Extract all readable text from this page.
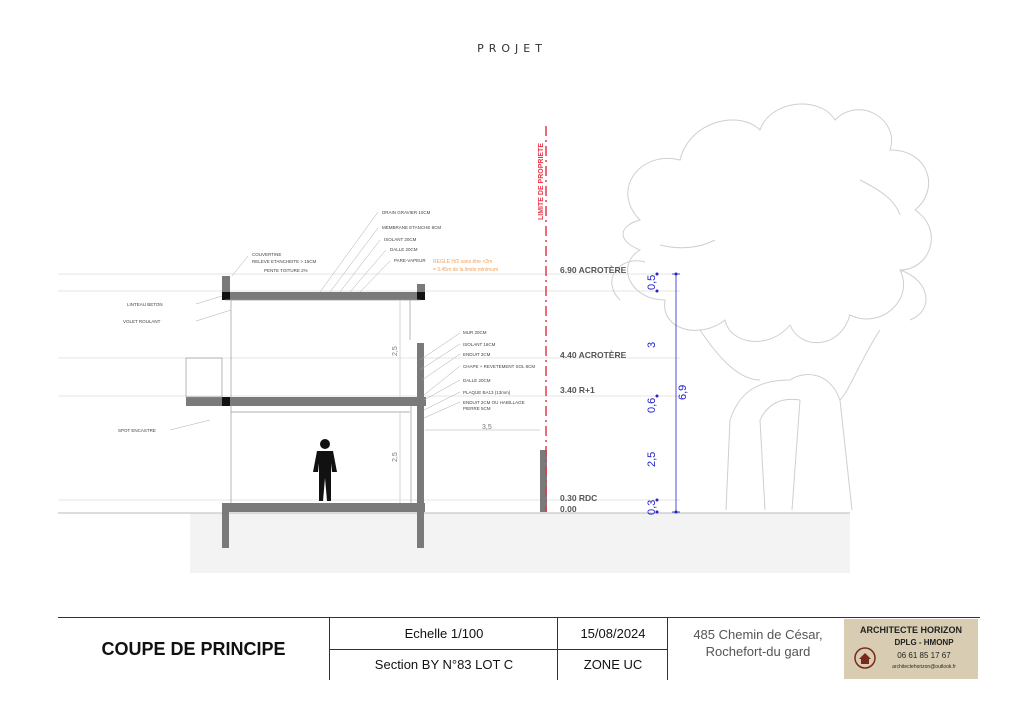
PROJET
LIMITE DE PROPRIETE
DRAIN GRAVIER 10CM
MEMBRANE ETANCHE 8CM
ISOLANT 20CM
DALLE 20CM
PARE-VAPEUR
COUVERTINE
RELEVE ETANCHEITE > 15CM
PENTE TOITURE 2%
LINTEAU BETON
VOLET ROULANT
SPOT ENCASTRE
MUR 20CM
ISOLANT 16CM
ENDUIT 3CM
CHAPE + REVETEMENT SOL 8CM
DALLE 20CM
PLAQUE BA13 (13mm)
ENDUIT 2CM OU HABILLAGE
PIERRE 5CM
REGLE H/2 sans être <2m
= 3.45m de la limite minimum
2,5
2,5
3,5
6.90 ACROTÈRE
4.40 ACROTÈRE
3.40 R+1
0.30 RDC
0.00
0,5
3
0,6
2,5
0,3
6,9
COUPE DE PRINCIPE
Echelle 1/100	15/08/2024
Section BY N°83 LOT C	ZONE UC
485 Chemin de César,
Rochefort-du gard
ARCHITECTE HORIZON
DPLG - HMONP
06 61 85 17 67
architectehorizon@outlook.fr
